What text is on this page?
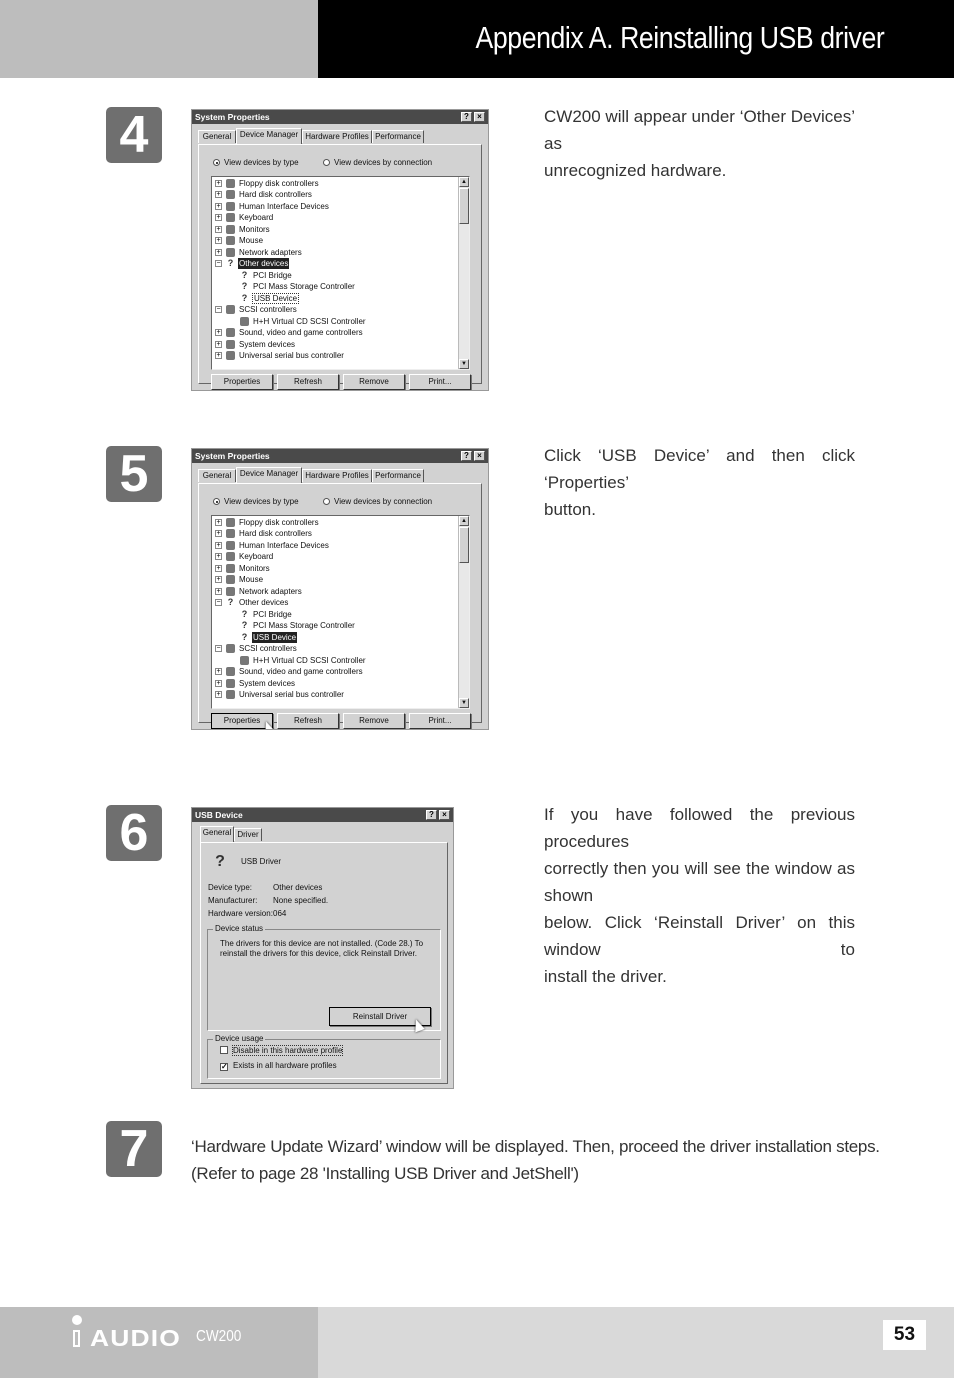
Appendix A. Reinstalling USB driver
4	System Properties	?	×
General	Device Manager Hardware Profiles Performance
View devices by type	View devices by connection
+ Floppy disk controllers
+ Hard disk controllers
+ Human Interface Devices
+ Keyboard
+ Monitors
+ Mouse
+ Network adapters
− ? Other devices
? PCI Bridge
? PCI Mass Storage Controller
? USB Device
− SCSI controllers
H+H Virtual CD SCSI Controller
+ Sound, video and game controllers
+ System devices
+ Universal serial bus controller
▲
▼
Properties	Refresh	Remove	Print...
CW200 will appear under ‘Other Devices’ as
unrecognized hardware.
5	System Properties	?	×
General	Device Manager Hardware Profiles Performance
View devices by type	View devices by connection
+ Floppy disk controllers
+ Hard disk controllers
+ Human Interface Devices
+ Keyboard
+ Monitors
+ Mouse
+ Network adapters
− ? Other devices
? PCI Bridge
? PCI Mass Storage Controller
? USB Device
− SCSI controllers
H+H Virtual CD SCSI Controller
+ Sound, video and game controllers
+ System devices
+ Universal serial bus controller
▲
▼
Properties	Refresh	Remove	Print...
Click ‘USB Device’ and then click ‘Properties’
button.
6	USB Device	?	×
General Driver
?	USB Driver
Device type:	Other devices
Manufacturer: None specified.
Hardware version: 064
Device status
The drivers for this device are not installed. (Code 28.) To
reinstall the drivers for this device, click Reinstall Driver.
Reinstall Driver
Device usage
Disable in this hardware profile
✓ Exists in all hardware profiles
If you have followed the previous procedures
correctly then you will see the window as shown
below. Click ‘Reinstall Driver’ on this window to
install the driver.
7	‘Hardware Update Wizard’ window will be displayed. Then, proceed the driver installation steps.
(Refer to page 28 'Installing USB Driver and JetShell')
AUDIO CW200	53
